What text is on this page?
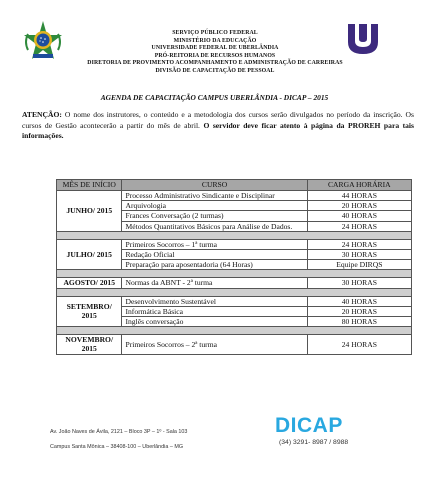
SERVIÇO PÚBLICO FEDERAL
MINISTÉRIO DA EDUCAÇÃO
UNIVERSIDADE FEDERAL DE UBERLÂNDIA
PRÓ-REITORIA DE RECURSOS HUMANOS
DIRETORIA DE PROVIMENTO ACOMPANHAMENTO E ADMINISTRAÇÃO DE CARREIRAS
DIVISÃO DE CAPACITAÇÃO DE PESSOAL
AGENDA DE CAPACITAÇÃO CAMPUS UBERLÂNDIA - DICAP – 2015
ATENÇÃO: O nome dos instrutores, o conteúdo e a metodologia dos cursos serão divulgados no período da inscrição. Os cursos de Gestão acontecerão a partir do mês de abril. O servidor deve ficar atento à página da PROREH para tais informações.
MÊS DE INÍCIO	CURSO	CARGA HORÁRIA
JUNHO/ 2015	Processo Administrativo Sindicante e Disciplinar	44 HORAS
	Arquivologia	20 HORAS
	Frances Conversação (2 turmas)	40 HORAS
	Métodos Quantitativos Básicos para Análise de Dados.	24 HORAS

JULHO/ 2015	Primeiros Socorros – 1ª turma	24 HORAS
	Redação Oficial	30 HORAS
	Preparação para aposentadoria (64 Horas)	Equipe DIRQS

AGOSTO/ 2015	Normas da ABNT - 2ª turma	30 HORAS

SETEMBRO/ 2015	Desenvolvimento Sustentável	40 HORAS
	Informática Básica	20 HORAS
	Inglês conversação	80 HORAS

NOVEMBRO/ 2015	Primeiros Socorros – 2ª turma	24 HORAS
Av. João Naves de Ávila, 2121 – Bloco 3P – 1º - Sala 103
Campus Santa Mônica – 38408-100 – Uberlândia – MG
DICAP
(34) 3291- 8987 / 8988
